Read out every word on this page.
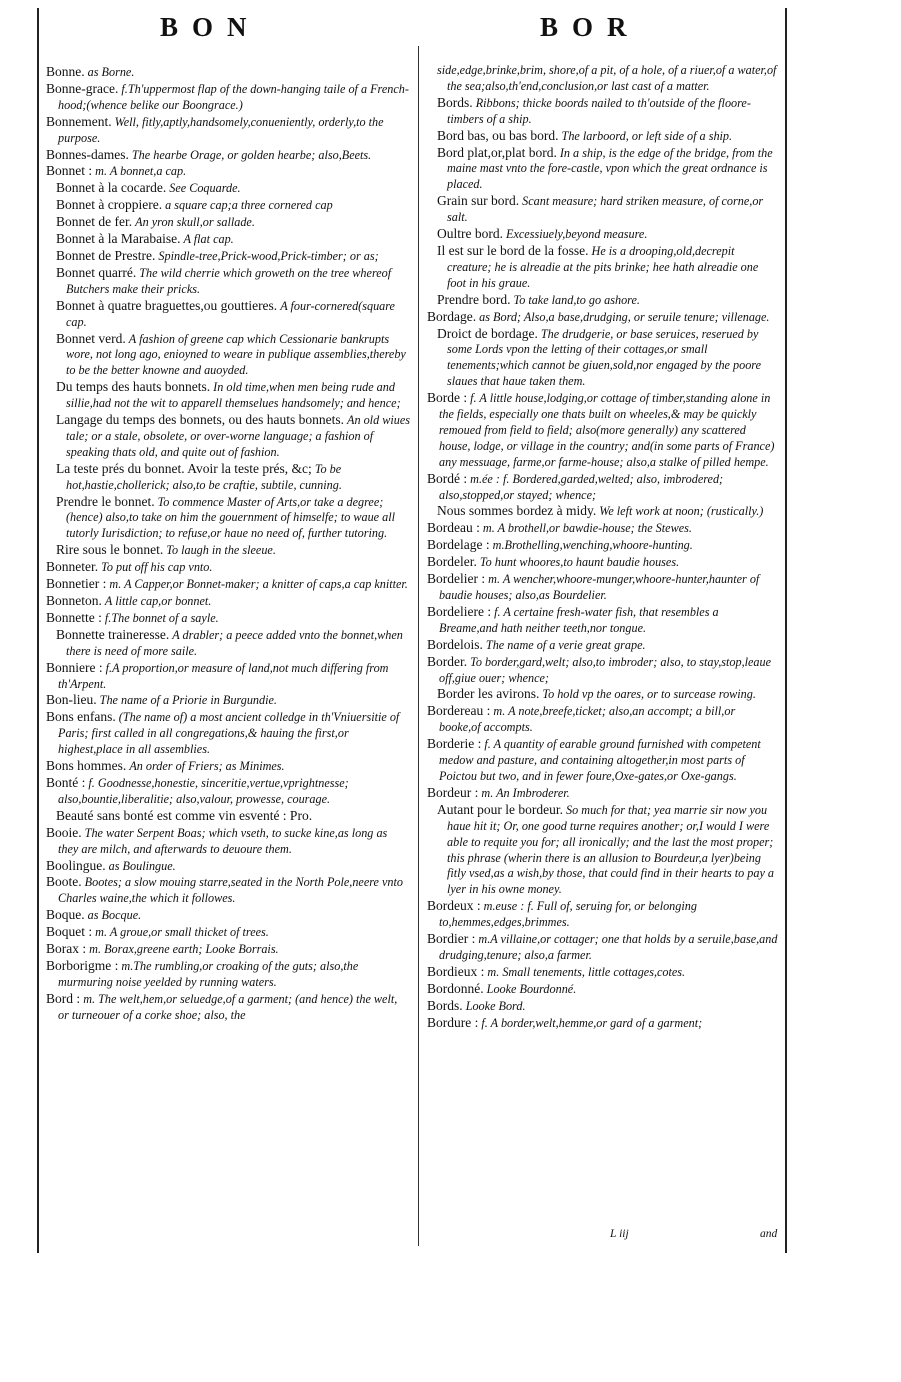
BON	BOR

Bonne. as Borne.

Bonne-grace. f.Th'uppermost flap of the down-hanging taile of a French-hood;(whence belike our Boongrace.)

Bonnement. Well, fitly,aptly,handsomely,conueniently, orderly,to the purpose.

Bonnes-dames. The hearbe Orage, or golden hearbe; also,Beets.

Bonnet : m. A bonnet,a cap.

Bonnet à la cocarde. See Coquarde.

Bonnet à croppiere. a square cap;a three cornered cap

Bonnet de fer. An yron skull,or sallade.

Bonnet à la Marabaise. A flat cap.

Bonnet de Prestre. Spindle-tree,Prick-wood,Prick-timber; or as;

Bonnet quarré. The wild cherrie which groweth on the tree whereof Butchers make their pricks.

Bonnet à quatre braguettes,ou gouttieres. A four-cornered(square cap.

Bonnet verd. A fashion of greene cap which Cessionarie bankrupts wore, not long ago, enioyned to weare in publique assemblies,thereby to be the better knowne and auoyded.

Du temps des hauts bonnets. In old time,when men being rude and sillie,had not the wit to apparell themselues handsomely; and hence;

Langage du temps des bonnets, ou des hauts bonnets. An old wiues tale; or a stale, obsolete, or over-worne language; a fashion of speaking thats old, and quite out of fashion.

La teste prés du bonnet. Avoir la teste prés, &c; To be hot,hastie,chollerick; also,to be craftie, subtile, cunning.

Prendre le bonnet. To commence Master of Arts,or take a degree; (hence) also,to take on him the gouernment of himselfe; to waue all tutorly Iurisdiction; to refuse,or haue no need of, further tutoring.

Rire sous le bonnet. To laugh in the sleeue.

Bonneter. To put off his cap vnto.

Bonnetier : m. A Capper,or Bonnet-maker; a knitter of caps,a cap knitter.

Bonneton. A little cap,or bonnet.

Bonnette : f.The bonnet of a sayle.

Bonnette traineresse. A drabler; a peece added vnto the bonnet,when there is need of more saile.

Bonniere : f.A proportion,or measure of land,not much differing from th'Arpent.

Bon-lieu. The name of a Priorie in Burgundie.

Bons enfans. (The name of) a most ancient colledge in th'Vniuersitie of Paris; first called in all congregations,& hauing the first,or highest,place in all assemblies.

Bons hommes. An order of Friers; as Minimes.

Bonté : f. Goodnesse,honestie, sinceritie,vertue,vprightnesse; also,bountie,liberalitie; also,valour, prowesse, courage.

Beauté sans bonté est comme vin esventé : Pro.

Booie. The water Serpent Boas; which vseth, to sucke kine,as long as they are milch, and afterwards to deuoure them.

Boolingue. as Boulingue.

Boote. Bootes; a slow mouing starre,seated in the North Pole,neere vnto Charles waine,the which it followes.

Boque. as Bocque.

Boquet : m. A groue,or small thicket of trees.

Borax : m. Borax,greene earth; Looke Borrais.

Borborigme : m.The rumbling,or croaking of the guts; also,the murmuring noise yeelded by running waters.

Bord : m. The welt,hem,or seluedge,of a garment; (and hence) the welt, or turneouer of a corke shoe; also, the

side,edge,brinke,brim, shore,of a pit, of a hole, of a riuer,of a water,of the sea;also,th'end,conclusion,or last cast of a matter.

Bords. Ribbons; thicke boords nailed to th'outside of the floore-timbers of a ship.

Bord bas, ou bas bord. The larboord, or left side of a ship.

Bord plat,or,plat bord. In a ship, is the edge of the bridge, from the maine mast vnto the fore-castle, vpon which the great ordnance is placed.

Grain sur bord. Scant measure; hard striken measure, of corne,or salt.

Oultre bord. Excessiuely,beyond measure.

Il est sur le bord de la fosse. He is a drooping,old,decrepit creature; he is alreadie at the pits brinke; hee hath alreadie one foot in his graue.

Prendre bord. To take land,to go ashore.

Bordage. as Bord; Also,a base,drudging, or seruile tenure; villenage.

Droict de bordage. The drudgerie, or base seruices, reserued by some Lords vpon the letting of their cottages,or small tenements;which cannot be giuen,sold,nor engaged by the poore slaues that haue taken them.

Borde : f. A little house,lodging,or cottage of timber,standing alone in the fields, especially one thats built on wheeles,& may be quickly remoued from field to field; also(more generally) any scattered house, lodge, or village in the country; and(in some parts of France) any messuage, farme,or farme-house; also,a stalke of pilled hempe.

Bordé : m.ée : f. Bordered,garded,welted; also, imbrodered; also,stopped,or stayed; whence;

Nous sommes bordez à midy. We left work at noon; (rustically.)

Bordeau : m. A brothell,or bawdie-house; the Stewes.

Bordelage : m.Brothelling,wenching,whoore-hunting.

Bordeler. To hunt whoores,to haunt baudie houses.

Bordelier : m. A wencher,whoore-munger,whoore-hunter,haunter of baudie houses; also,as Bourdelier.

Bordeliere : f. A certaine fresh-water fish, that resembles a Breame,and hath neither teeth,nor tongue.

Bordelois. The name of a verie great grape.

Border. To border,gard,welt; also,to imbroder; also, to stay,stop,leaue off,giue ouer; whence;

Border les avirons. To hold vp the oares, or to surcease rowing.

Bordereau : m. A note,breefe,ticket; also,an accompt; a bill,or booke,of accompts.

Borderie : f. A quantity of earable ground furnished with competent medow and pasture, and containing altogether,in most parts of Poictou but two, and in fewer foure,Oxe-gates,or Oxe-gangs.

Bordeur : m. An Imbroderer.

Autant pour le bordeur. So much for that; yea marrie sir now you haue hit it; Or, one good turne requires another; or,I would I were able to requite you for; all ironically; and the last the most proper; this phrase (wherin there is an allusion to Bourdeur,a lyer)being fitly vsed,as a wish,by those, that could find in their hearts to pay a lyer in his owne money.

Bordeux : m.euse : f. Full of, seruing for, or belonging to,hemmes,edges,brimmes.

Bordier : m.A villaine,or cottager; one that holds by a seruile,base,and drudging,tenure; also,a farmer.

Bordieux : m. Small tenements, little cottages,cotes.

Bordonné. Looke Bourdonné.

Bords. Looke Bord.

Bordure : f. A border,welt,hemme,or gard of a garment;

L iij	and
